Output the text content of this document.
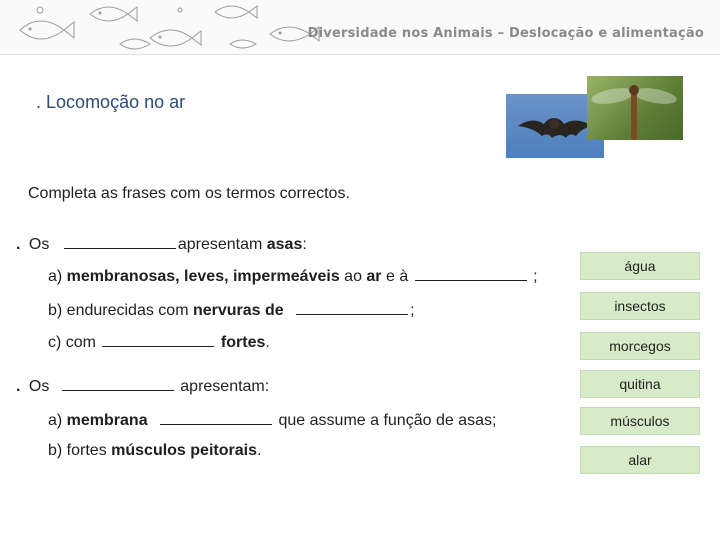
Diversidade nos Animais – Deslocação e alimentação
. Locomoção no ar
Completa as frases com os termos correctos.
. Os	apresentam asas:
a) membranosas, leves, impermeáveis ao ar e à	;
b) endurecidas com nervuras de	;
c) com	fortes.
. Os	apresentam:
a) membrana	que assume a função de asas;
b) fortes músculos peitorais.
água
insectos
morcegos
quitina
músculos
alar
